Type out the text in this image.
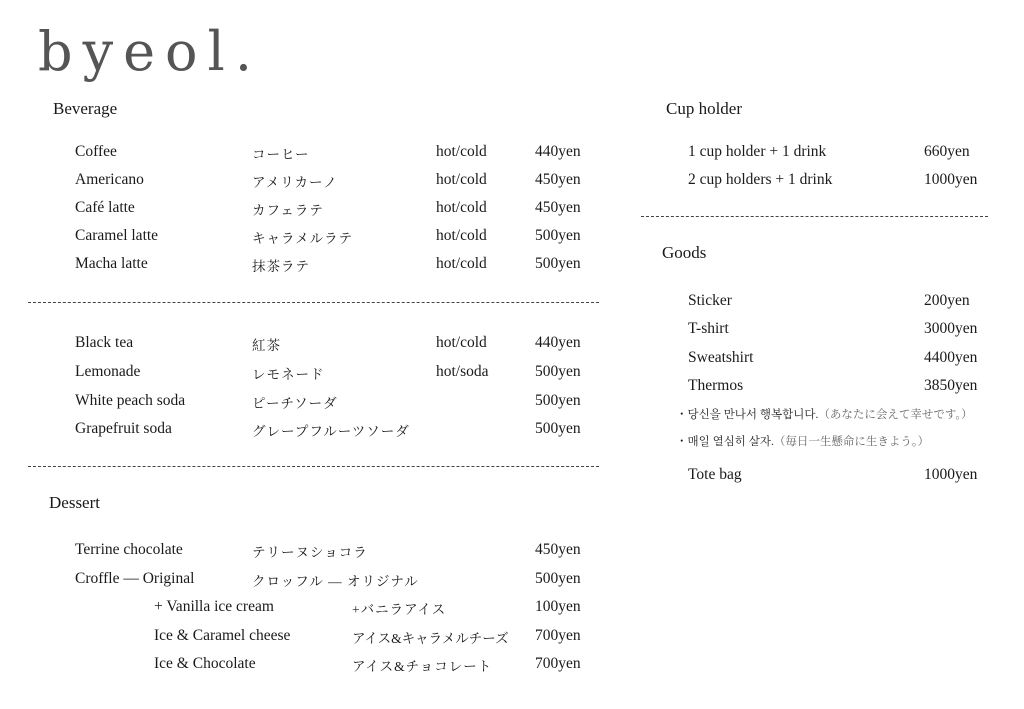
byeol.
Beverage
Coffee	コーヒー	hot/cold	440yen
Americano	アメリカーノ	hot/cold	450yen
Café latte	カフェラテ	hot/cold	450yen
Caramel latte	キャラメルラテ	hot/cold	500yen
Macha latte	抹茶ラテ	hot/cold	500yen
Black tea	紅茶	hot/cold	440yen
Lemonade	レモネード	hot/soda	500yen
White peach soda	ピーチソーダ	500yen
Grapefruit soda	グレープフルーツソーダ	500yen
Dessert
Terrine chocolate	テリーヌショコラ	450yen
Croffle — Original	クロッフル — オリジナル	500yen
+ Vanilla ice cream	+バニラアイス	100yen
Ice & Caramel cheese	アイス&キャラメルチーズ 700yen
Ice & Chocolate	アイス&チョコレート	700yen
Cup holder
1 cup holder + 1 drink	660yen
2 cup holders + 1 drink	1000yen
Goods
Sticker	200yen
T-shirt	3000yen
Sweatshirt	4400yen
Thermos	3850yen
・당신을 만나서 행복합니다.（あなたに会えて幸せです。）
・매일 열심히 살자.（毎日一生懸命に生きよう。）
Tote bag	1000yen
